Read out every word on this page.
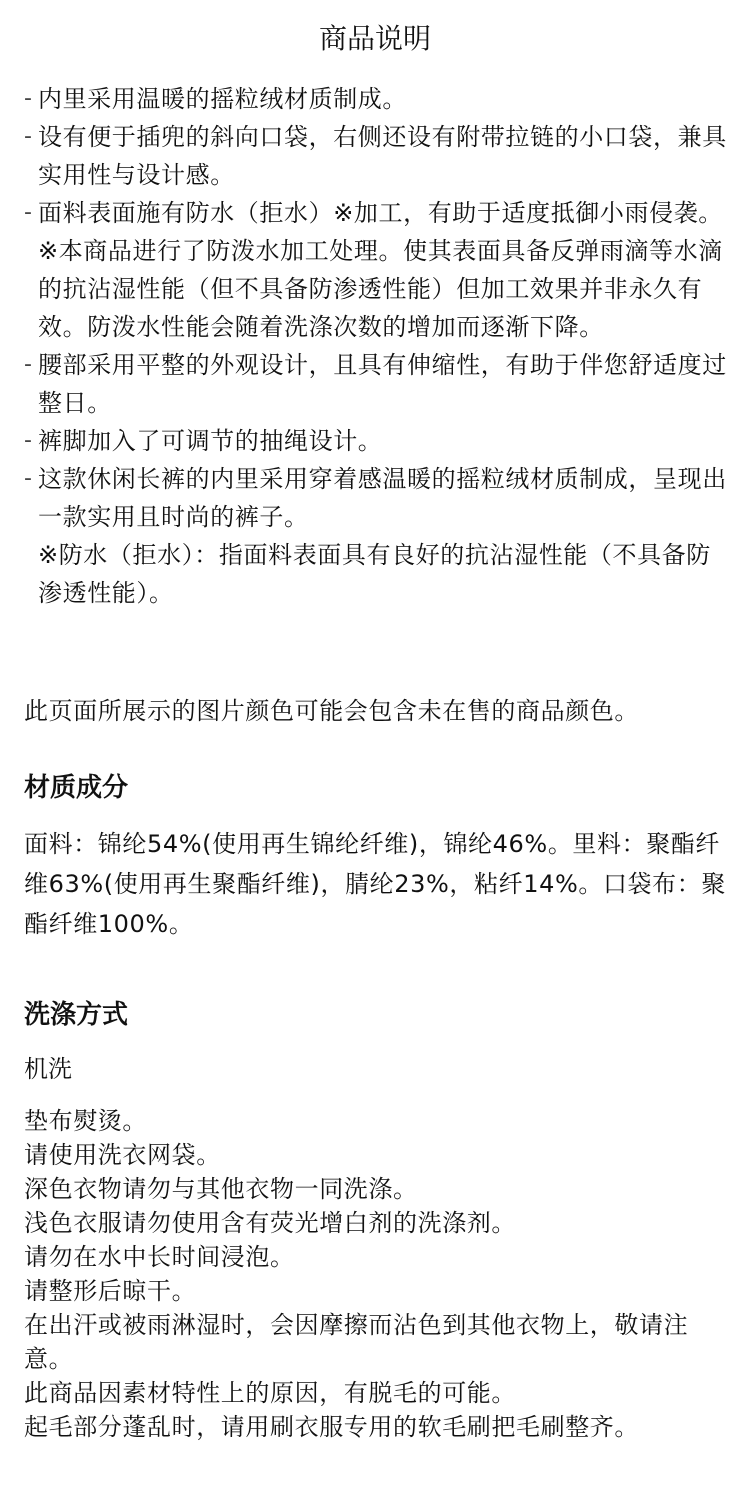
商品说明
- 内里采用温暖的摇粒绒材质制成。
- 设有便于插兜的斜向口袋，右侧还设有附带拉链的小口袋，兼具实用性与设计感。
- 面料表面施有防水（拒水）※加工，有助于适度抵御小雨侵袭。※本商品进行了防泼水加工处理。使其表面具备反弹雨滴等水滴的抗沾湿性能（但不具备防渗透性能）但加工效果并非永久有效。防泼水性能会随着洗涤次数的增加而逐渐下降。
- 腰部采用平整的外观设计，且具有伸缩性，有助于伴您舒适度过整日。
- 裤脚加入了可调节的抽绳设计。
- 这款休闲长裤的内里采用穿着感温暖的摇粒绒材质制成，呈现出一款实用且时尚的裤子。
※防水（拒水）：指面料表面具有良好的抗沾湿性能（不具备防渗透性能）。
此页面所展示的图片颜色可能会包含未在售的商品颜色。
材质成分
面料：锦纶54%(使用再生锦纶纤维)，锦纶46%。里料：聚酯纤维63%(使用再生聚酯纤维)，腈纶23%，粘纤14%。口袋布：聚酯纤维100%。
洗涤方式
机洗
垫布熨烫。
请使用洗衣网袋。
深色衣物请勿与其他衣物一同洗涤。
浅色衣服请勿使用含有荧光增白剂的洗涤剂。
请勿在水中长时间浸泡。
请整形后晾干。
在出汗或被雨淋湿时，会因摩擦而沾色到其他衣物上，敬请注意。
此商品因素材特性上的原因，有脱毛的可能。
起毛部分蓬乱时，请用刷衣服专用的软毛刷把毛刷整齐。
